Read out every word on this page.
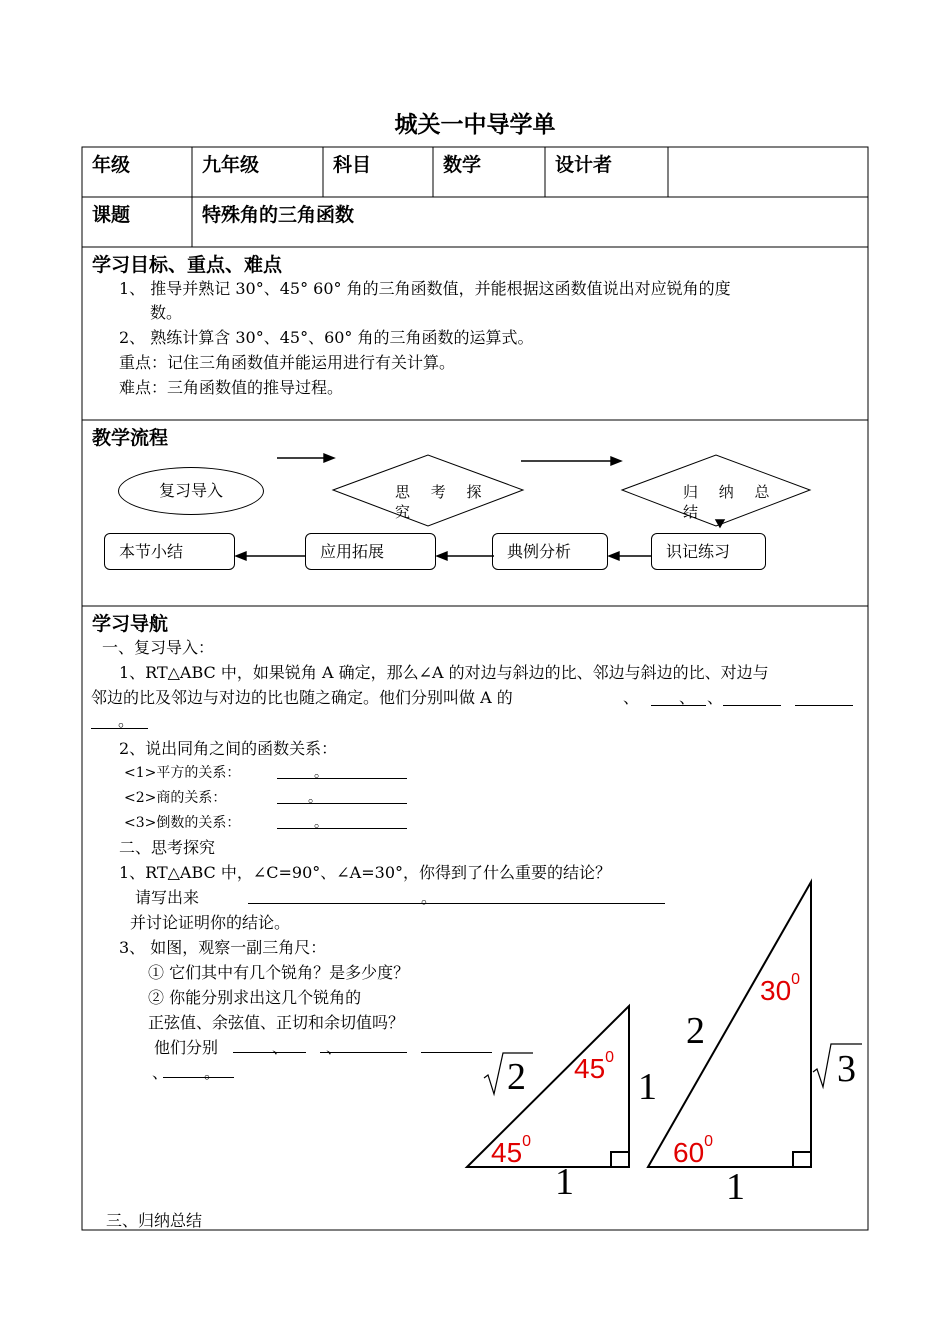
城关一中导学单
年级	九年级	科目	数学	设计者
课题	特殊角的三角函数
学习目标、重点、难点
1、 推导并熟记 30°、45° 60° 角的三角函数值，并能根据这函数值说出对应锐角的度
数。
2、 熟练计算含 30°、45°、60° 角的三角函数的运算式。
重点：记住三角函数值并能运用进行有关计算。
难点：三角函数值的推导过程。
教学流程
复习导入	思 考 探
究
归 纳 总
结
识记练习
典例分析
应用拓展
本节小结
学习导航
一、复习导入：
1、RT△ABC 中，如果锐角 A 确定，那么∠A 的对边与斜边的比、邻边与斜边的比、对边与
邻边的比及邻边与对边的比也随之确定。他们分别叫做 A 的	、 、 、
。
2、说出同角之间的函数关系：
<1>平方的关系：	。
<2>商的关系：	。
<3>倒数的关系：	。
二、思考探究
1、RT△ABC 中，∠C=90°、∠A=30°，你得到了什么重要的结论？
请写出来	。
并讨论证明你的结论。
3、 如图，观察一副三角尺：
① 它们其中有几个锐角？是多少度？
② 你能分别求出这几个锐角的
正弦值、余弦值、正切和余切值吗？
他们分别	、 、
、 。
三、归纳总结
2	1
1
$45^0$
$45^0$
2
3
1
$30^0$
$60^0$
